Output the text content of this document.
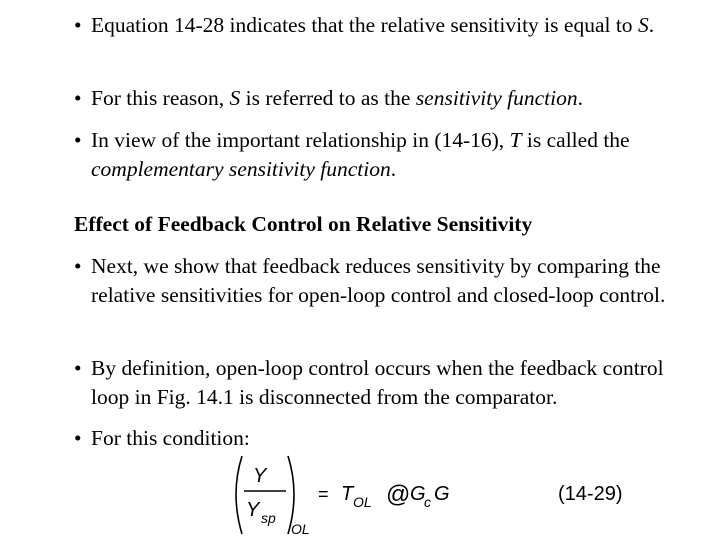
• Equation 14-28 indicates that the relative sensitivity is equal to S.
• For this reason, S is referred to as the sensitivity function.
• In view of the important relationship in (14-16), T is called the complementary sensitivity function.
Effect of Feedback Control on Relative Sensitivity
• Next, we show that feedback reduces sensitivity by comparing the relative sensitivities for open-loop control and closed-loop control.
• By definition, open-loop control occurs when the feedback control loop in Fig. 14.1 is disconnected from the comparator.
• For this condition:
Y
Y sp
OL
= T OL @ G
c G	(14-29)
